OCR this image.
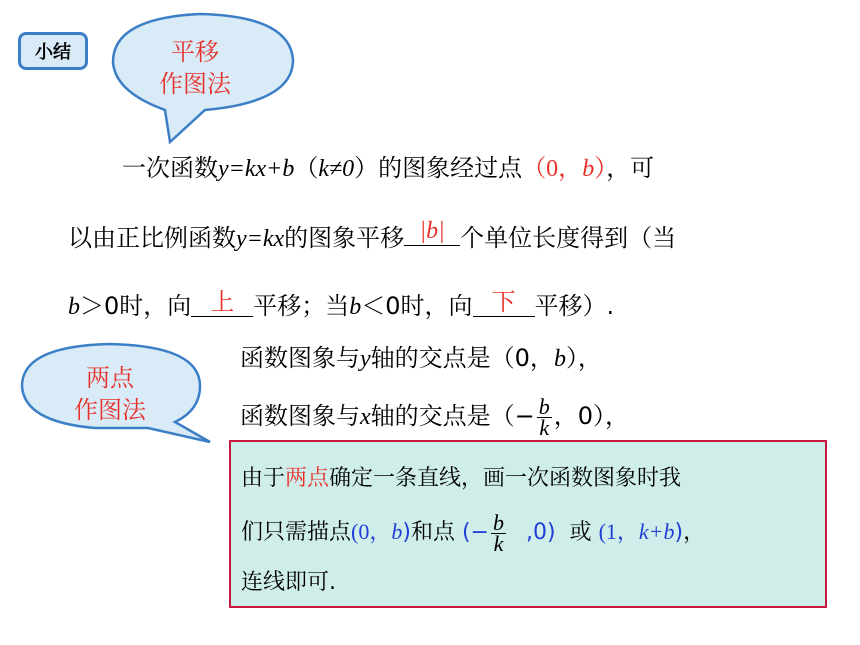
小结	平移
作图法
一次函数y=kx+b（k≠0）的图象经过点（0，b），可
以由正比例函数y=kx的图象平移 |b| 个单位长度得到（当
b＞0时，向 上 平移；当b＜0时，向 下 平移）.
两点
作图法
函数图象与y轴的交点是（0，b），
函数图象与x轴的交点是（− $\frac{b}{k}$ ，0），
由于两点确定一条直线，画一次函数图象时我
们只需描点(0，b)和点 (− $\frac{b}{k} ,0$) 或 (1，k+b)，
连线即可.
